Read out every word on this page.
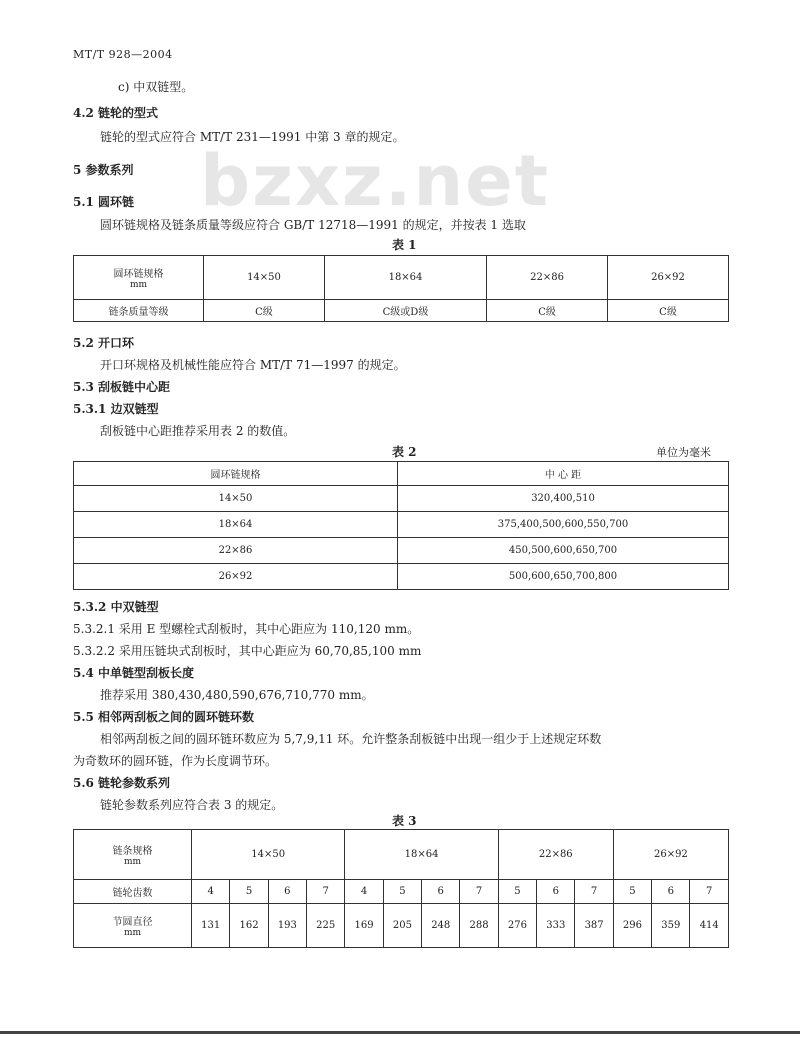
bzxz.net
MT/T 928—2004
c) 中双链型。
4.2 链轮的型式
链轮的型式应符合 MT/T 231—1991 中第 3 章的规定。
5 参数系列
5.1 圆环链
圆环链规格及链条质量等级应符合 GB/T 12718—1991 的规定，并按表 1 选取
表 1
圆环链规格
mm	14×50	18×64	22×86	26×92
链条质量等级	C级	C级或D级	C级	C级
5.2 开口环
开口环规格及机械性能应符合 MT/T 71—1997 的规定。
5.3 刮板链中心距
5.3.1 边双链型
刮板链中心距推荐采用表 2 的数值。
表 2	单位为毫米
圆环链规格	中 心 距
14×50	320,400,510
18×64	375,400,500,600,550,700
22×86	450,500,600,650,700
26×92	500,600,650,700,800
5.3.2 中双链型
5.3.2.1 采用 E 型螺栓式刮板时，其中心距应为 110,120 mm。
5.3.2.2 采用压链块式刮板时，其中心距应为 60,70,85,100 mm
5.4 中单链型刮板长度
推荐采用 380,430,480,590,676,710,770 mm。
5.5 相邻两刮板之间的圆环链环数
相邻两刮板之间的圆环链环数应为 5,7,9,11 环。允许整条刮板链中出现一组少于上述规定环数
为奇数环的圆环链，作为长度调节环。
5.6 链轮参数系列
链轮参数系列应符合表 3 的规定。
表 3
链条规格
mm	14×50				18×64				22×86			26×92		
链轮齿数	4	5	6	7	4	5	6	7	5	6	7	5	6	7
节圆直径
mm	131	162	193	225	169	205	248	288	276	333	387	296	359	414
